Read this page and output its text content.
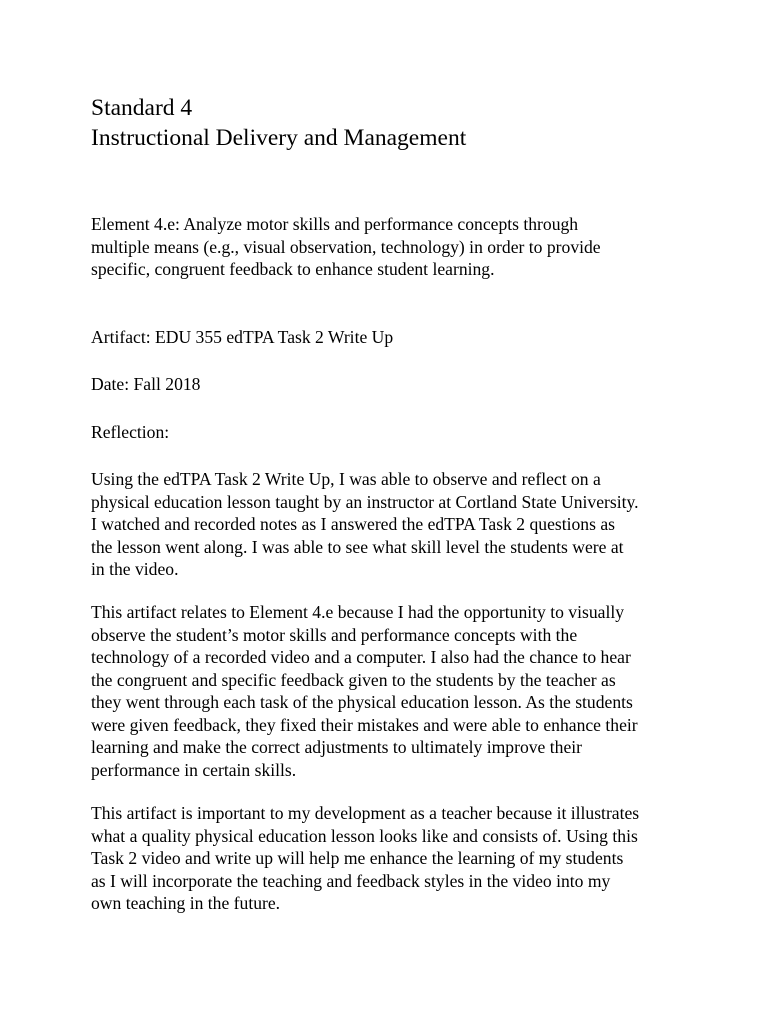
Standard 4
Instructional Delivery and Management

Element 4.e: Analyze motor skills and performance concepts through
multiple means (e.g., visual observation, technology) in order to provide
specific, congruent feedback to enhance student learning.

Artifact: EDU 355 edTPA Task 2 Write Up

Date: Fall 2018

Reflection:

Using the edTPA Task 2 Write Up, I was able to observe and reflect on a
physical education lesson taught by an instructor at Cortland State University.
I watched and recorded notes as I answered the edTPA Task 2 questions as
the lesson went along. I was able to see what skill level the students were at
in the video.

This artifact relates to Element 4.e because I had the opportunity to visually
observe the student’s motor skills and performance concepts with the
technology of a recorded video and a computer. I also had the chance to hear
the congruent and specific feedback given to the students by the teacher as
they went through each task of the physical education lesson. As the students
were given feedback, they fixed their mistakes and were able to enhance their
learning and make the correct adjustments to ultimately improve their
performance in certain skills.

This artifact is important to my development as a teacher because it illustrates
what a quality physical education lesson looks like and consists of. Using this
Task 2 video and write up will help me enhance the learning of my students
as I will incorporate the teaching and feedback styles in the video into my
own teaching in the future.
